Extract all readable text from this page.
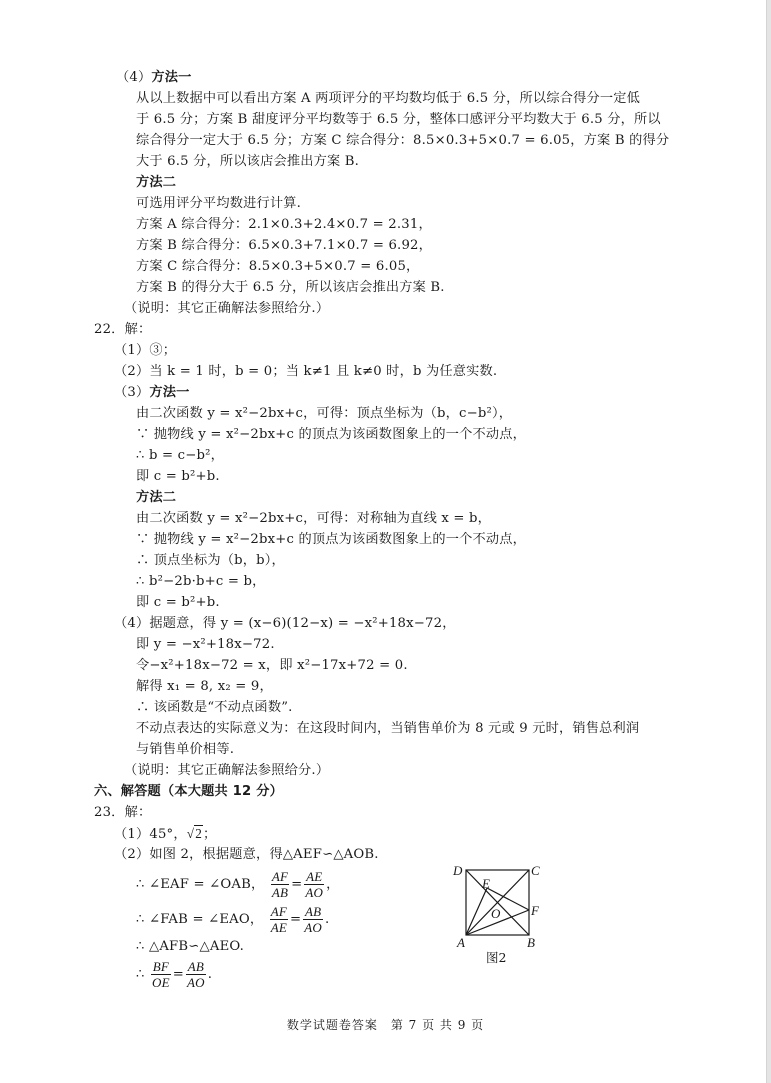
（4）方法一
从以上数据中可以看出方案 A 两项评分的平均数均低于 6.5 分，所以综合得分一定低
于 6.5 分；方案 B 甜度评分平均数等于 6.5 分，整体口感评分平均数大于 6.5 分，所以
综合得分一定大于 6.5 分；方案 C 综合得分：8.5×0.3+5×0.7 = 6.05，方案 B 的得分
大于 6.5 分，所以该店会推出方案 B.
方法二
可选用评分平均数进行计算.
方案 A 综合得分：2.1×0.3+2.4×0.7 = 2.31，
方案 B 综合得分：6.5×0.3+7.1×0.7 = 6.92，
方案 C 综合得分：8.5×0.3+5×0.7 = 6.05，
方案 B 的得分大于 6.5 分，所以该店会推出方案 B.
（说明：其它正确解法参照给分.）
22．解：
（1）③；
（2）当 k = 1 时，b = 0；当 k≠1 且 k≠0 时，b 为任意实数.
（3）方法一
由二次函数 y = x²−2bx+c，可得：顶点坐标为（b，c−b²），
∵ 抛物线 y = x²−2bx+c 的顶点为该函数图象上的一个不动点，
∴ b = c−b²，
即 c = b²+b.
方法二
由二次函数 y = x²−2bx+c，可得：对称轴为直线 x = b，
∵ 抛物线 y = x²−2bx+c 的顶点为该函数图象上的一个不动点，
∴ 顶点坐标为（b，b），
∴ b²−2b·b+c = b，
即 c = b²+b.
（4）据题意，得 y = (x−6)(12−x) = −x²+18x−72，
即 y = −x²+18x−72.
令−x²+18x−72 = x，即 x²−17x+72 = 0.
解得 x₁ = 8, x₂ = 9，
∴ 该函数是“不动点函数”.
不动点表达的实际意义为：在这段时间内，当销售单价为 8 元或 9 元时，销售总利润
与销售单价相等.
（说明：其它正确解法参照给分.）
六、解答题（本大题共 12 分）
23．解：
（1）45°，√2；
（2）如图 2，根据题意，得△AEF∽△AOB.
∴ ∠EAF = ∠OAB， $\frac{AF}{AB} = \frac{AE}{AO}$ ，
∴ ∠FAB = ∠EAO， $\frac{AF}{AE} = \frac{AB}{AO}$ .
∴ △AFB∽△AEO.
∴ $\frac{BF}{OE} = \frac{AB}{AO}$ .
D	C
E
O F
A	B
图2
数学试题卷答案　第 7 页 共 9 页
